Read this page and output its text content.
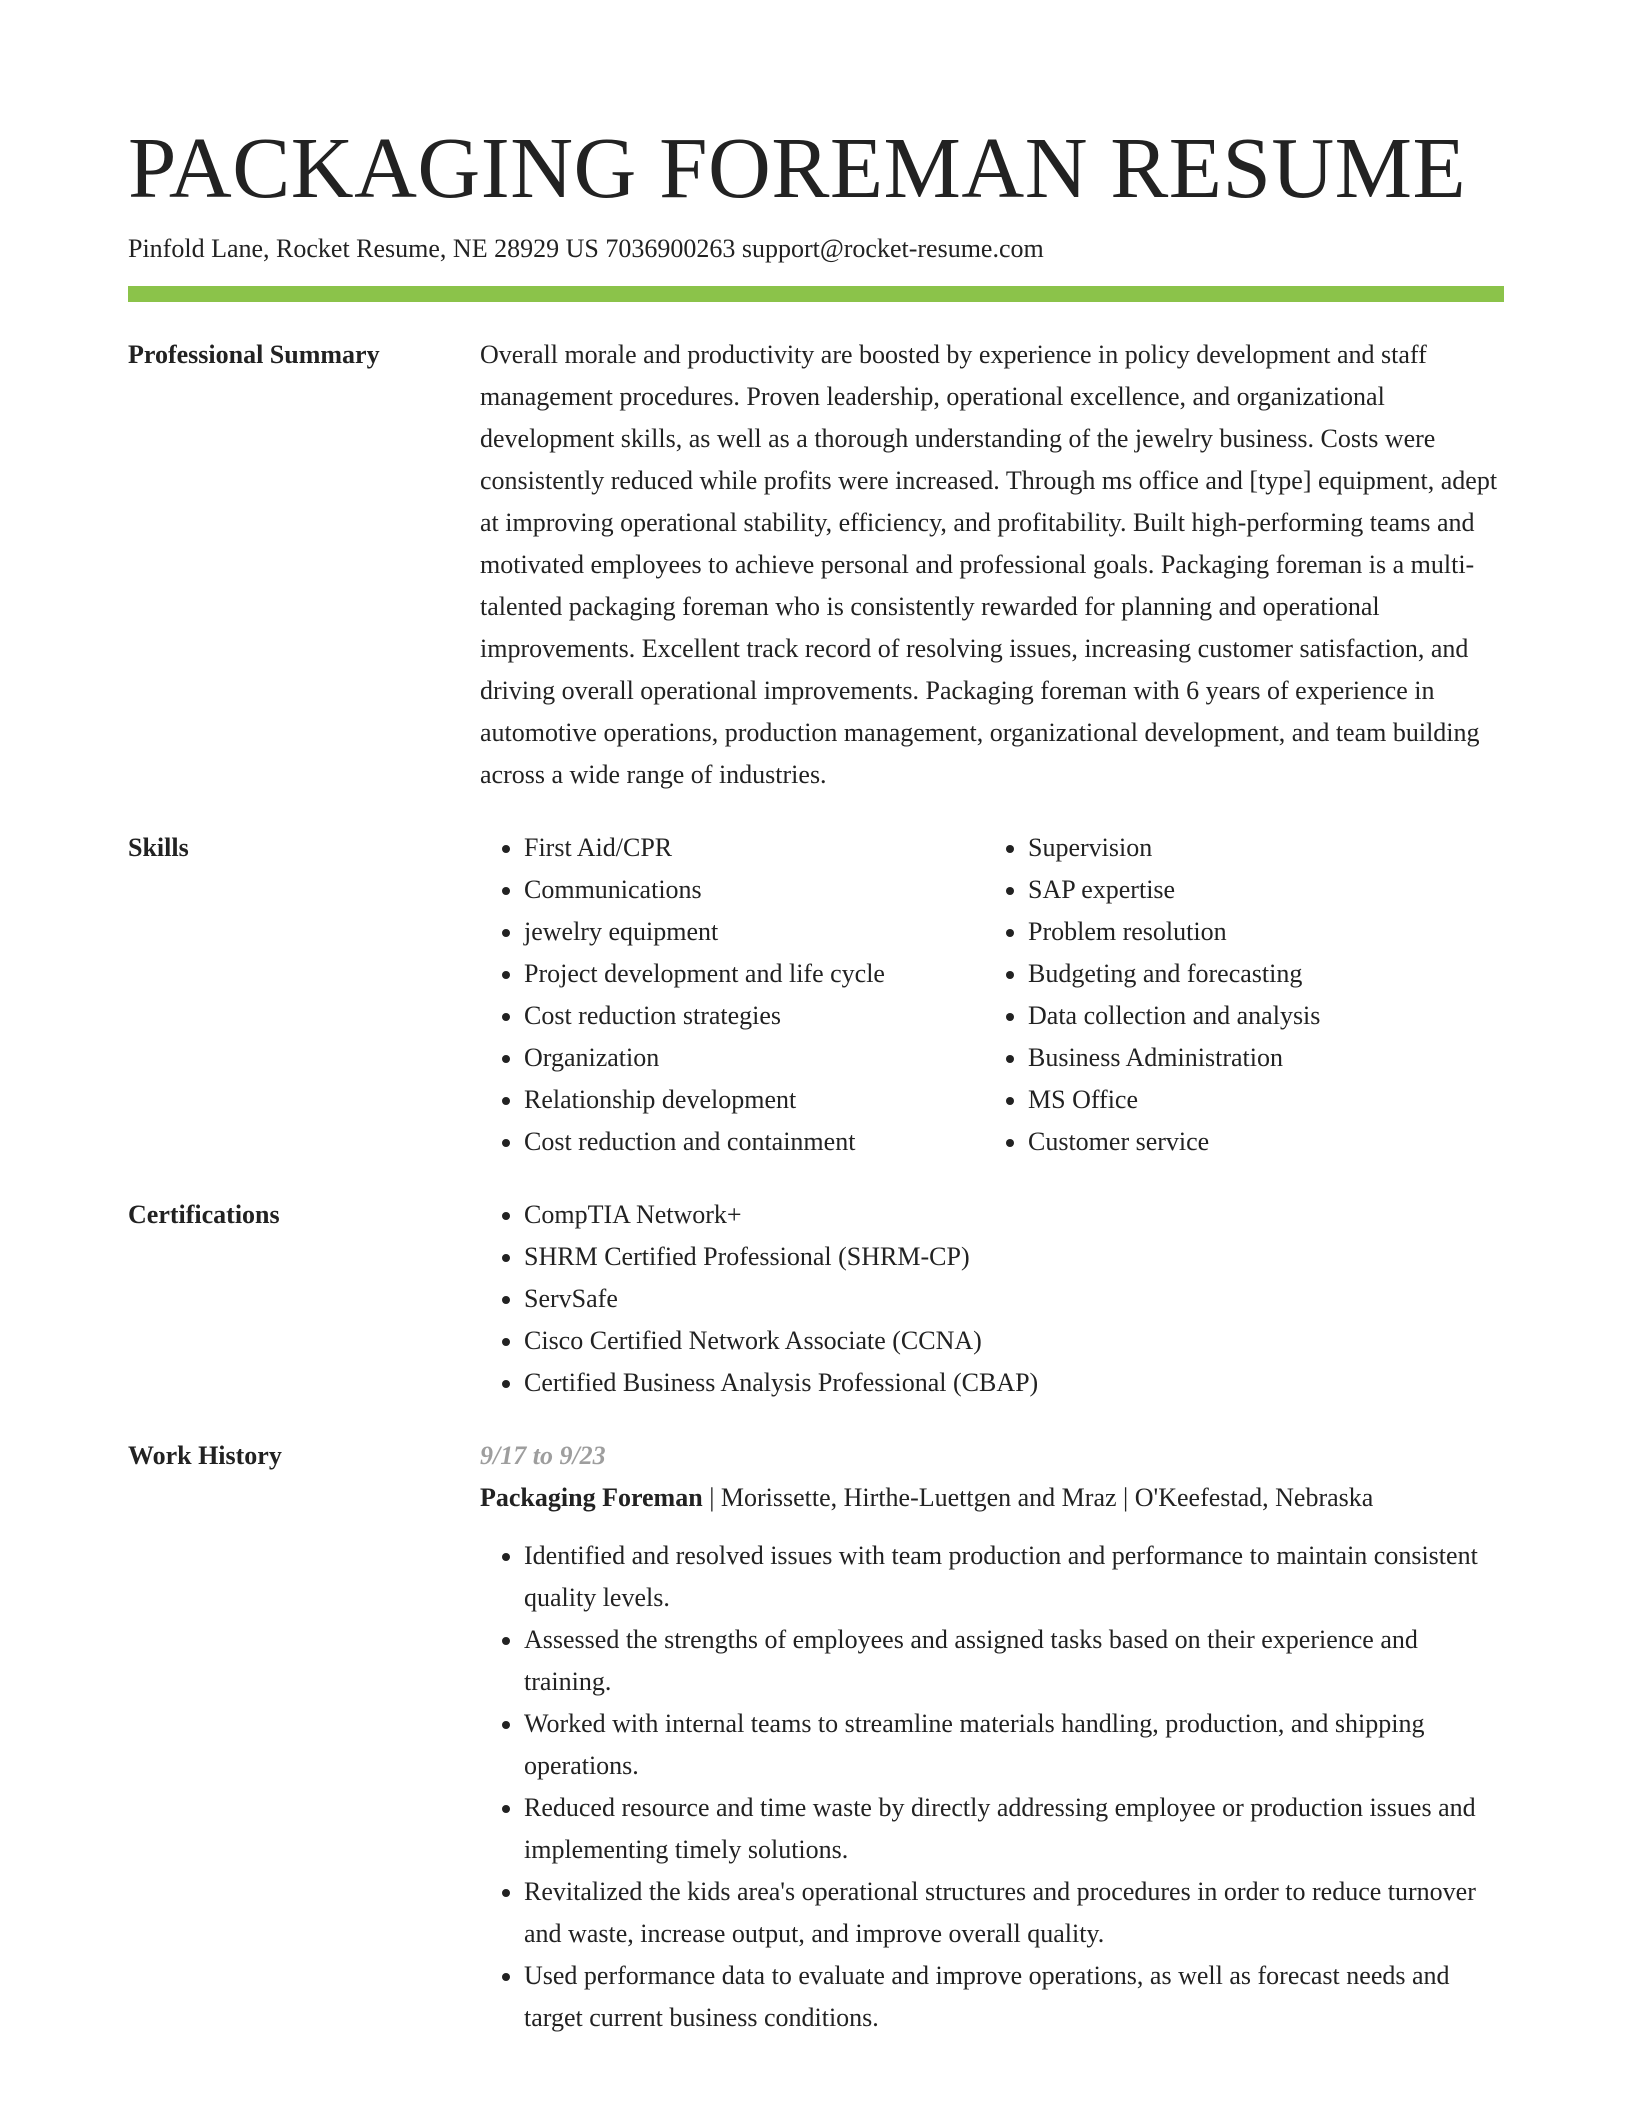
PACKAGING FOREMAN RESUME
Pinfold Lane, Rocket Resume, NE 28929 US 7036900263 support@rocket-resume.com
Professional Summary	Overall morale and productivity are boosted by experience in policy development and staff management procedures. Proven leadership, operational excellence, and organizational development skills, as well as a thorough understanding of the jewelry business. Costs were consistently reduced while profits were increased. Through ms office and [type] equipment, adept at improving operational stability, efficiency, and profitability. Built high-performing teams and motivated employees to achieve personal and professional goals. Packaging foreman is a multi-talented packaging foreman who is consistently rewarded for planning and operational improvements. Excellent track record of resolving issues, increasing customer satisfaction, and driving overall operational improvements. Packaging foreman with 6 years of experience in automotive operations, production management, organizational development, and team building across a wide range of industries.

Skills	• First Aid/CPR
• Communications
• jewelry equipment
• Project development and life cycle
• Cost reduction strategies
• Organization
• Relationship development
• Cost reduction and containment
• Supervision
• SAP expertise
• Problem resolution
• Budgeting and forecasting
• Data collection and analysis
• Business Administration
• MS Office
• Customer service
Certifications	• CompTIA Network+
• SHRM Certified Professional (SHRM-CP)
• ServSafe
• Cisco Certified Network Associate (CCNA)
• Certified Business Analysis Professional (CBAP)
Work History	9/17 to 9/23
Packaging Foreman | Morissette, Hirthe-Luettgen and Mraz | O'Keefestad, Nebraska
• Identified and resolved issues with team production and performance to maintain consistent quality levels.
• Assessed the strengths of employees and assigned tasks based on their experience and training.
• Worked with internal teams to streamline materials handling, production, and shipping operations.
• Reduced resource and time waste by directly addressing employee or production issues and implementing timely solutions.
• Revitalized the kids area's operational structures and procedures in order to reduce turnover and waste, increase output, and improve overall quality.
• Used performance data to evaluate and improve operations, as well as forecast needs and target current business conditions.
